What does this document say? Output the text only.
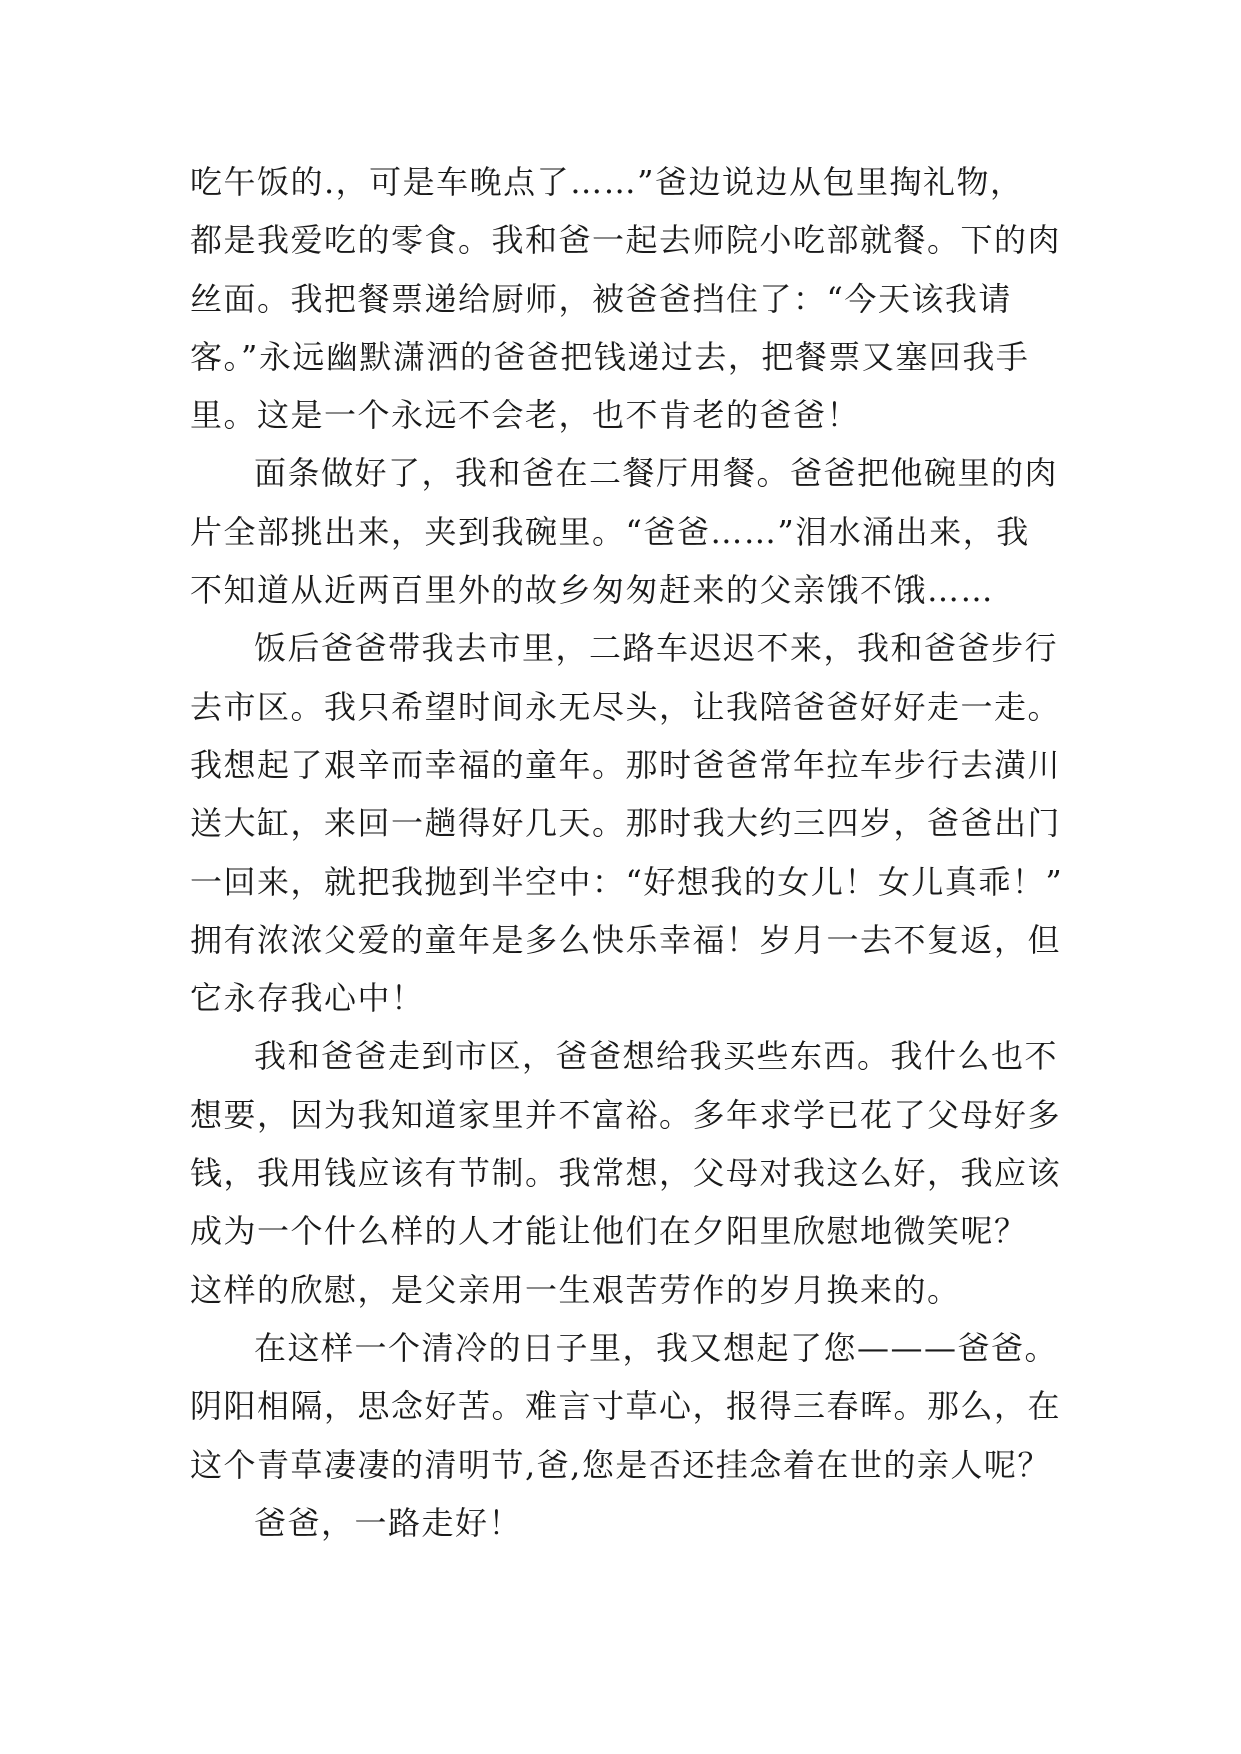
吃午饭的.，可是车晚点了……”爸边说边从包里掏礼物，
都是我爱吃的零食。我和爸一起去师院小吃部就餐。下的肉
丝面。我把餐票递给厨师，被爸爸挡住了：“今天该我请
客。”永远幽默潇洒的爸爸把钱递过去，把餐票又塞回我手
里。这是一个永远不会老，也不肯老的爸爸！
面条做好了，我和爸在二餐厅用餐。爸爸把他碗里的肉
片全部挑出来，夹到我碗里。“爸爸……”泪水涌出来，我
不知道从近两百里外的故乡匆匆赶来的父亲饿不饿……
饭后爸爸带我去市里，二路车迟迟不来，我和爸爸步行
去市区。我只希望时间永无尽头，让我陪爸爸好好走一走。
我想起了艰辛而幸福的童年。那时爸爸常年拉车步行去潢川
送大缸，来回一趟得好几天。那时我大约三四岁，爸爸出门
一回来，就把我抛到半空中：“好想我的女儿！女儿真乖！”
拥有浓浓父爱的童年是多么快乐幸福！岁月一去不复返，但
它永存我心中！
我和爸爸走到市区，爸爸想给我买些东西。我什么也不
想要，因为我知道家里并不富裕。多年求学已花了父母好多
钱，我用钱应该有节制。我常想，父母对我这么好，我应该
成为一个什么样的人才能让他们在夕阳里欣慰地微笑呢？
这样的欣慰，是父亲用一生艰苦劳作的岁月换来的。
在这样一个清冷的日子里，我又想起了您———爸爸。
阴阳相隔，思念好苦。难言寸草心，报得三春晖。那么，在
这个青草凄凄的清明节,爸,您是否还挂念着在世的亲人呢？
爸爸，一路走好！
